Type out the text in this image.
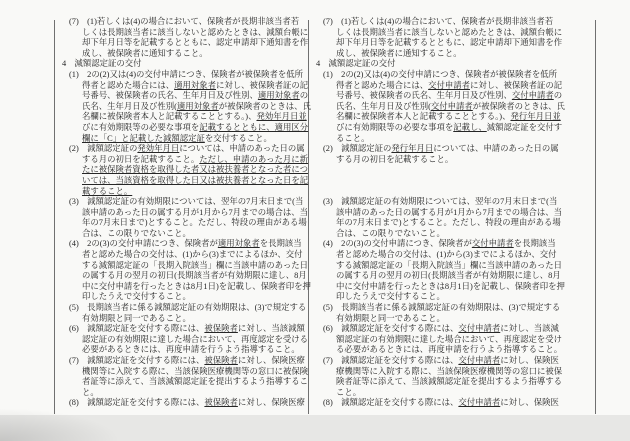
(7)　(1)若しくは(4)の場合において、保険者が長期非該当者若
しくは長期該当者に該当しないと認めたときは、減額台帳に
却下年月日等を記載するとともに、認定申請却下通知書を作
成し、被保険者に通知すること。
4　減額認定証の交付
(1)　2の(2)又は(4)の交付申請につき、保険者が被保険者を低所
得者と認めた場合には、適用対象者に対し、被保険者証の記
号番号、被保険者の氏名、生年月日及び性別、適用対象者の
氏名、生年月日及び性別(適用対象者が被保険者のときは、氏
名欄に被保険者本人と記載することとする。)、発効年月日並
びに有効期限等の必要な事項を記載するとともに、適用区分
欄に「C」と記載した減額認定証を交付すること。
(2)　減額認定証の発効年月日については、申請のあった日の属
する月の初日を記載すること。ただし、申請のあった月に新
たに被保険者資格を取得した者又は被扶養者となった者につ
いては、当該資格を取得した日又は被扶養者となった日を記
載すること。
(3)　減額認定証の有効期限については、翌年の7月末日まで(当
該申請のあった日の属する月が1月から7月までの場合は、当
年の7月末日まで)とすること。ただし、特段の理由がある場
合は、この限りでないこと。
(4)　2の(3)の交付申請につき、保険者が適用対象者を長期該当
者と認めた場合の交付は、(1)から(3)までによるほか、交付
する減額認定証の「長期入院該当」欄に当該申請のあった日
の属する月の翌月の初日(長期該当者が有効期限に達し、8月
中に交付申請を行ったときは8月1日)を記載し、保険者印を押
印したうえで交付すること。
(5)　長期該当者に係る減額認定証の有効期限は、(3)で規定する
有効期限と同一であること。
(6)　減額認定証を交付する際には、被保険者に対し、当該減額
認定証の有効期限に達した場合において、再度認定を受ける
必要があるときには、再度申請を行うよう指導すること。
(7)　減額認定証を交付する際には、被保険者に対し、保険医療
機関等に入院する際に、当該保険医療機関等の窓口に被保険
者証等に添えて、当該減額認定証を提出するよう指導するこ
と。
(8)　減額認定証を交付する際には、被保険者に対し、保険医療
(7)　(1)若しくは(4)の場合において、保険者が長期非該当者若
しくは長期該当者に該当しないと認めたときは、減額台帳に
却下年月日等を記載するとともに、認定申請却下通知書を作
成し、被保険者に通知すること。
4　減額認定証の交付
(1)　2の(2)又は(4)の交付申請につき、保険者が被保険者を低所
得者と認めた場合には、交付申請者に対し、被保険者証の記
号番号、被保険者の氏名、生年月日及び性別、交付申請者の
氏名、生年月日及び性別(交付申請者が被保険者のときは、氏
名欄に被保険者本人と記載することとする。)、発行年月日並
びに有効期限等の必要な事項を記載し、減額認定証を交付す
ること。
(2)　減額認定証の発行年月日については、申請のあった日の属
する月の初日を記載すること。
(3)　減額認定証の有効期限については、翌年の7月末日まで(当
該申請のあった日の属する月が1月から7月までの場合は、当
年の7月末日まで)とすること。ただし、特段の理由がある場
合は、この限りでないこと。
(4)　2の(3)の交付申請につき、保険者が交付申請者を長期該当
者と認めた場合の交付は、(1)から(3)までによるほか、交付
する減額認定証の「長期入院該当」欄に当該申請のあった日
の属する月の翌月の初日(長期該当者が有効期限に達し、8月
中に交付申請を行ったときは8月1日)を記載し、保険者印を押
印したうえで交付すること。
(5)　長期該当者に係る減額認定証の有効期限は、(3)で規定する
有効期限と同一であること。
(6)　減額認定証を交付する際には、交付申請者に対し、当該減
額認定証の有効期限に達した場合において、再度認定を受け
る必要があるときには、再度申請を行うよう指導すること。
(7)　減額認定証を交付する際には、交付申請者に対し、保険医
療機関等に入院する際に、当該保険医療機関等の窓口に被保
険者証等に添えて、当該減額認定証を提出するよう指導する
こと。
(8)　減額認定証を交付する際には、交付申請者に対し、保険医
